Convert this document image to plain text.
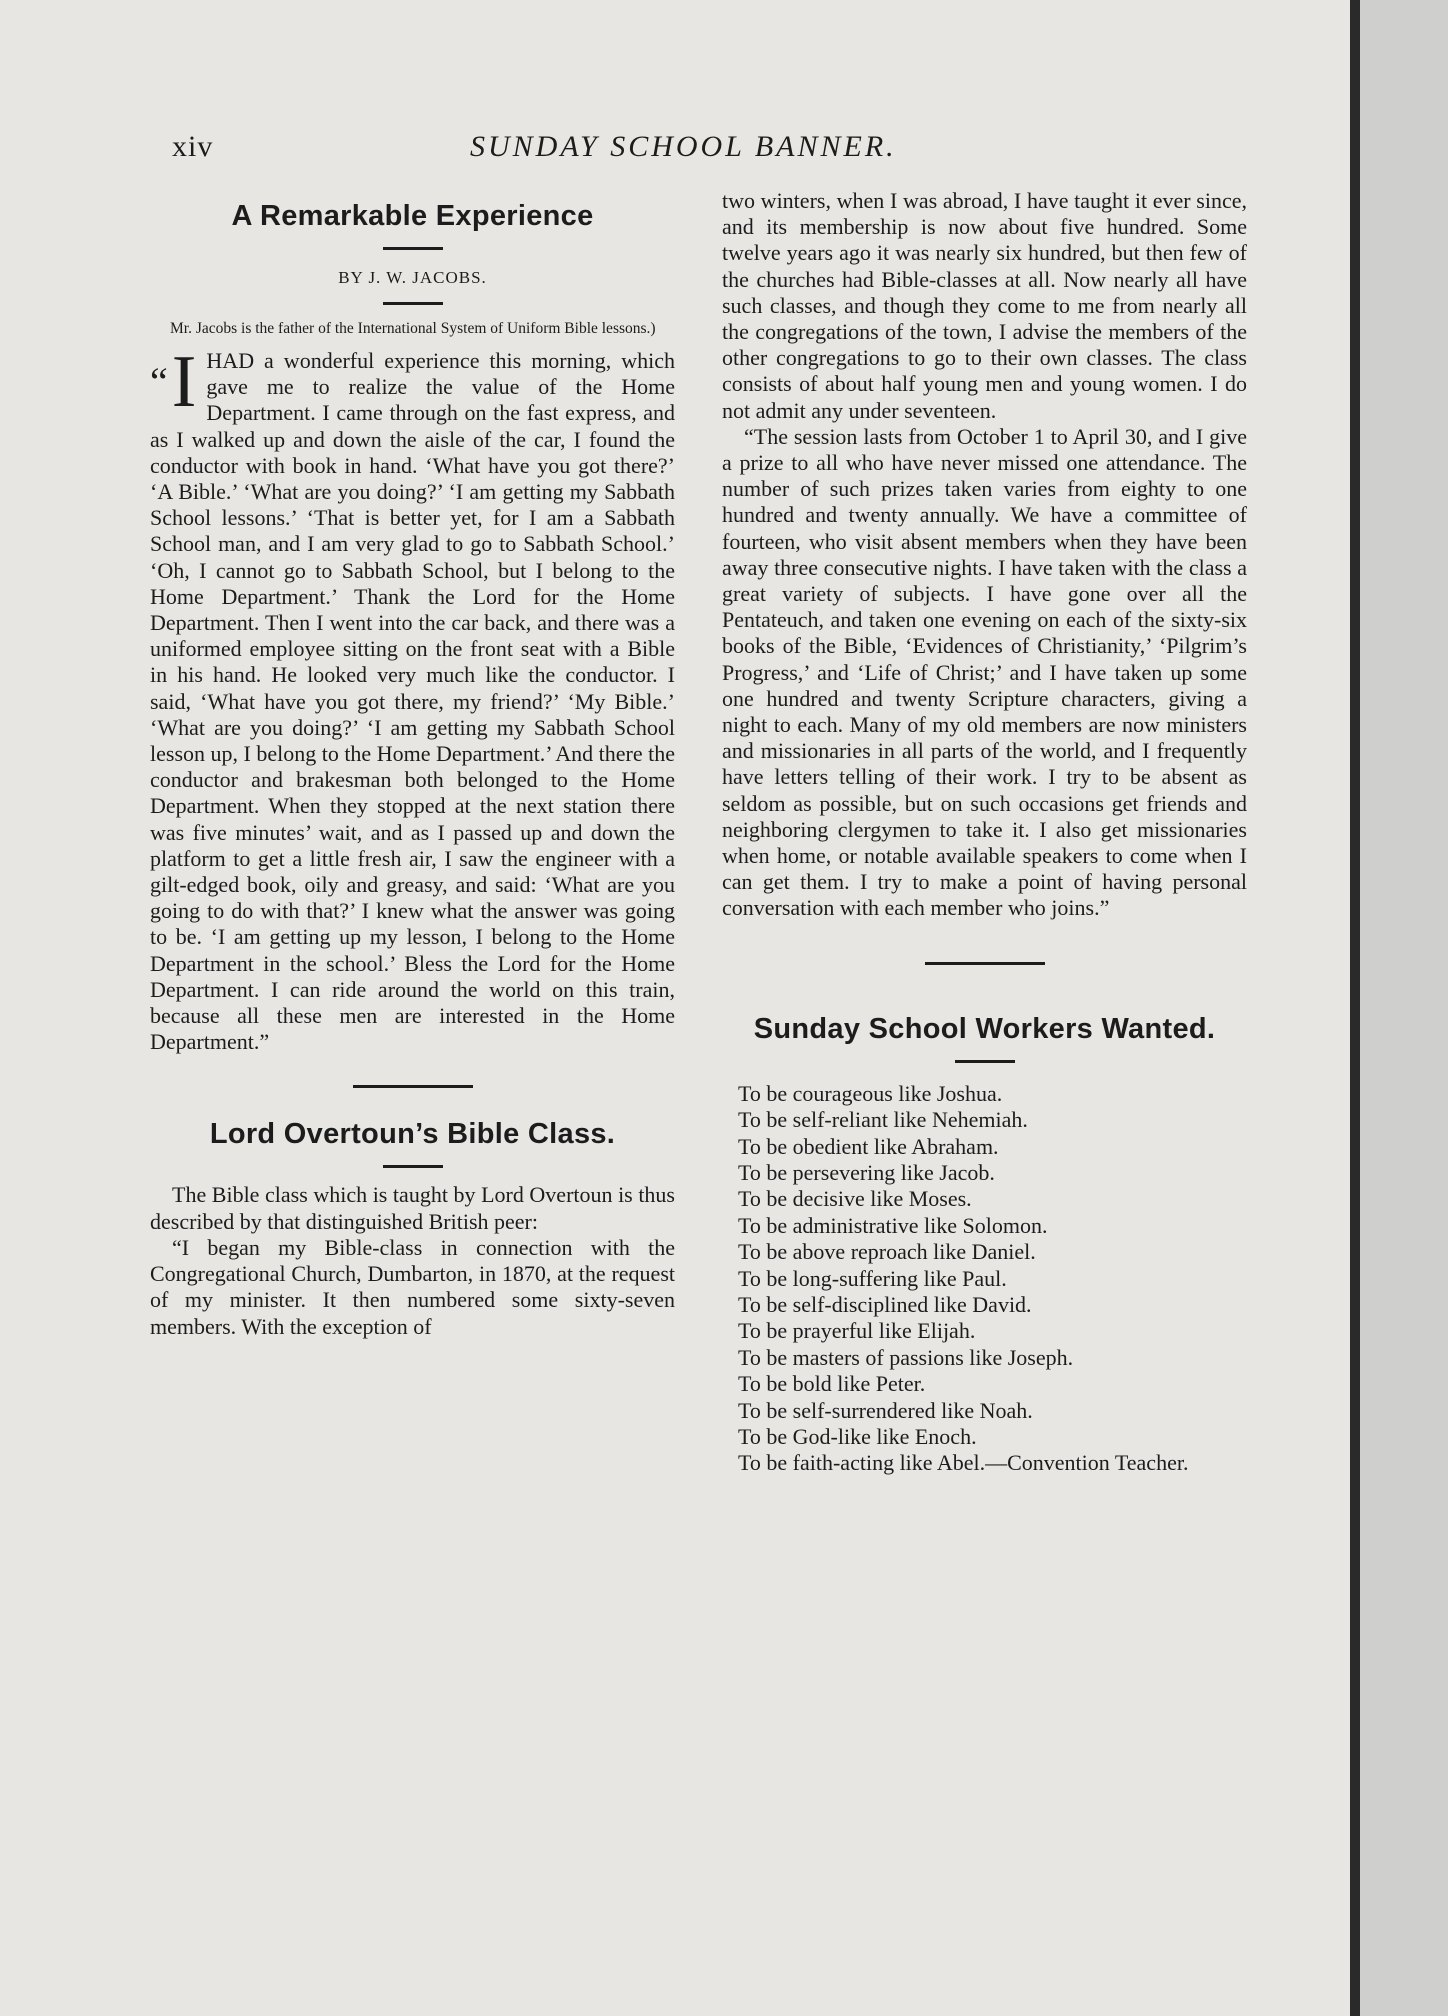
xiv	SUNDAY SCHOOL BANNER.
A Remarkable Experience

BY J. W. JACOBS.

Mr. Jacobs is the father of the International System of Uniform Bible lessons.)

“I HAD a wonderful experience this morning, which gave me to realize the value of the Home Department. I came through on the fast express, and as I walked up and down the aisle of the car, I found the conductor with book in hand. ‘What have you got there?’ ‘A Bible.’ ‘What are you doing?’ ‘I am getting my Sabbath School lessons.’ ‘That is better yet, for I am a Sabbath School man, and I am very glad to go to Sabbath School.’ ‘Oh, I cannot go to Sabbath School, but I belong to the Home Department.’ Thank the Lord for the Home Department. Then I went into the car back, and there was a uniformed employee sitting on the front seat with a Bible in his hand. He looked very much like the conductor. I said, ‘What have you got there, my friend?’ ‘My Bible.’ ‘What are you doing?’ ‘I am getting my Sabbath School lesson up, I belong to the Home Department.’ And there the conductor and brakesman both belonged to the Home Department. When they stopped at the next station there was five minutes’ wait, and as I passed up and down the platform to get a little fresh air, I saw the engineer with a gilt-edged book, oily and greasy, and said: ‘What are you going to do with that?’ I knew what the answer was going to be. ‘I am getting up my lesson, I belong to the Home Department in the school.’ Bless the Lord for the Home Department. I can ride around the world on this train, because all these men are interested in the Home Department.”

Lord Overtoun’s Bible Class.

The Bible class which is taught by Lord Overtoun is thus described by that distinguished British peer:

“I began my Bible-class in connection with the Congregational Church, Dumbarton, in 1870, at the request of my minister. It then numbered some sixty-seven members. With the exception of

two winters, when I was abroad, I have taught it ever since, and its membership is now about five hundred. Some twelve years ago it was nearly six hundred, but then few of the churches had Bible-classes at all. Now nearly all have such classes, and though they come to me from nearly all the congregations of the town, I advise the members of the other congregations to go to their own classes. The class consists of about half young men and young women. I do not admit any under seventeen.

“The session lasts from October 1 to April 30, and I give a prize to all who have never missed one attendance. The number of such prizes taken varies from eighty to one hundred and twenty annually. We have a committee of fourteen, who visit absent members when they have been away three consecutive nights. I have taken with the class a great variety of subjects. I have gone over all the Pentateuch, and taken one evening on each of the sixty-six books of the Bible, ‘Evidences of Christianity,’ ‘Pilgrim’s Progress,’ and ‘Life of Christ;’ and I have taken up some one hundred and twenty Scripture characters, giving a night to each. Many of my old members are now ministers and missionaries in all parts of the world, and I frequently have letters telling of their work. I try to be absent as seldom as possible, but on such occasions get friends and neighboring clergymen to take it. I also get missionaries when home, or notable available speakers to come when I can get them. I try to make a point of having personal conversation with each member who joins.”

Sunday School Workers Wanted.

To be courageous like Joshua.

To be self-reliant like Nehemiah.

To be obedient like Abraham.

To be persevering like Jacob.

To be decisive like Moses.

To be administrative like Solomon.

To be above reproach like Daniel.

To be long-suffering like Paul.

To be self-disciplined like David.

To be prayerful like Elijah.

To be masters of passions like Joseph.

To be bold like Peter.

To be self-surrendered like Noah.

To be God-like like Enoch.

To be faith-acting like Abel.—Convention Teacher.
